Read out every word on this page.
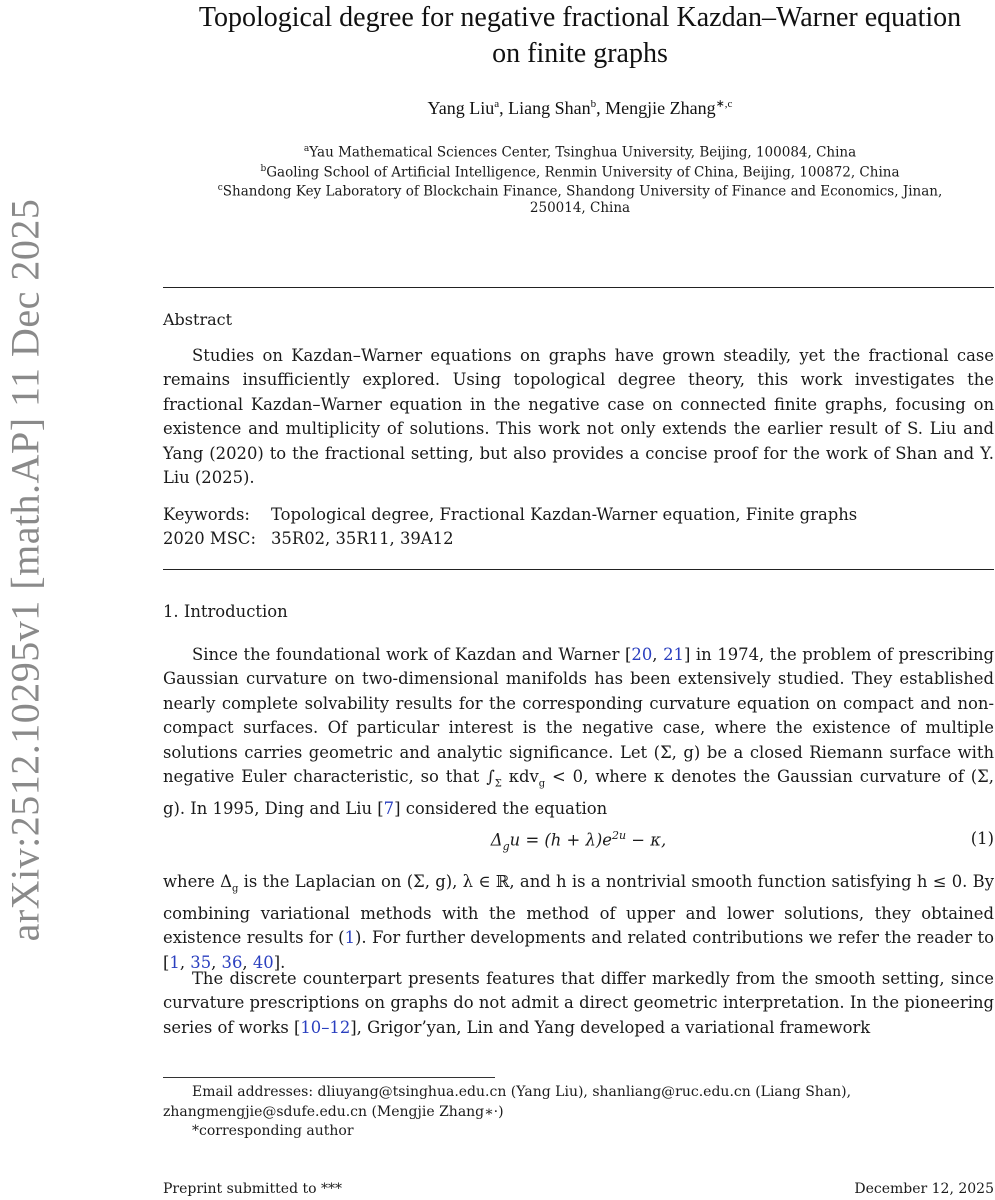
arXiv:2512.10295v1 [math.AP] 11 Dec 2025
Topological degree for negative fractional Kazdan–Warner equation
on finite graphs
Yang Liu$^a$, Liang Shan$^b$, Mengjie Zhang$^{∗,c}$
$^a$Yau Mathematical Sciences Center, Tsinghua University, Beijing, 100084, China
$^b$Gaoling School of Artificial Intelligence, Renmin University of China, Beijing, 100872, China
$^c$Shandong Key Laboratory of Blockchain Finance, Shandong University of Finance and Economics, Jinan,
250014, China
Abstract
Studies on Kazdan–Warner equations on graphs have grown steadily, yet the fractional case remains insufficiently explored. Using topological degree theory, this work investigates the fractional Kazdan–Warner equation in the negative case on connected finite graphs, focusing on existence and multiplicity of solutions. This work not only extends the earlier result of S. Liu and Yang (2020) to the fractional setting, but also provides a concise proof for the work of Shan and Y. Liu (2025).
Keywords: Topological degree, Fractional Kazdan-Warner equation, Finite graphs
2020 MSC: 35R02, 35R11, 39A12
1. Introduction
Since the foundational work of Kazdan and Warner [20, 21] in 1974, the problem of prescribing Gaussian curvature on two-dimensional manifolds has been extensively studied. They established nearly complete solvability results for the corresponding curvature equation on compact and non-compact surfaces. Of particular interest is the negative case, where the existence of multiple solutions carries geometric and analytic significance. Let (Σ, g) be a closed Riemann surface with negative Euler characteristic, so that $\int_\Sigma$ κdv$_g$ < 0, where κ denotes the Gaussian curvature of (Σ, g). In 1995, Ding and Liu [7] considered the equation
$\Delta_gu = (h + \lambda)e^{2u} - \kappa$,	(1)
where $\Delta_g$ is the Laplacian on (Σ, g), λ ∈ ℝ, and h is a nontrivial smooth function satisfying h ≤ 0. By combining variational methods with the method of upper and lower solutions, they obtained existence results for (1). For further developments and related contributions we refer the reader to [1, 35, 36, 40].
The discrete counterpart presents features that differ markedly from the smooth setting, since curvature prescriptions on graphs do not admit a direct geometric interpretation. In the pioneering series of works [10–12], Grigor’yan, Lin and Yang developed a variational framework
Email addresses: dliuyang@tsinghua.edu.cn (Yang Liu), shanliang@ruc.edu.cn (Liang Shan),
zhangmengjie@sdufe.edu.cn (Mengjie Zhang∗·)
*corresponding author
Preprint submitted to ***	December 12, 2025
